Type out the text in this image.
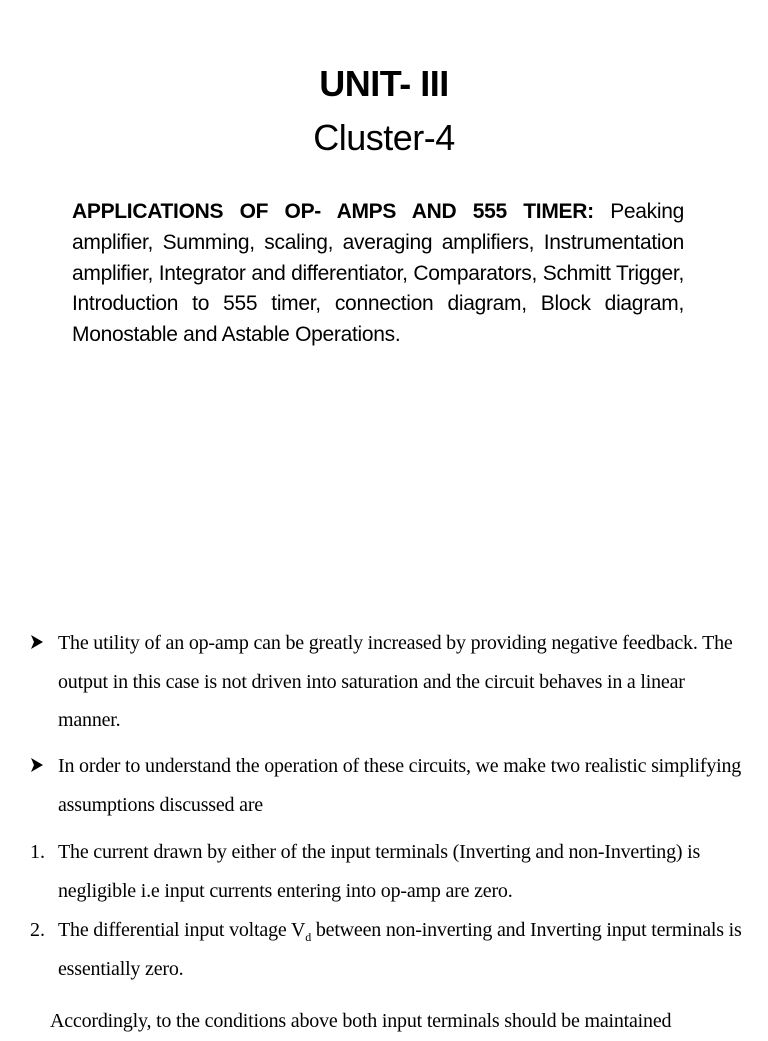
UNIT- III
Cluster-4
APPLICATIONS OF OP- AMPS AND 555 TIMER: Peaking amplifier, Summing, scaling, averaging amplifiers, Instrumentation amplifier, Integrator and differentiator, Comparators, Schmitt Trigger, Introduction to 555 timer, connection diagram, Block diagram, Monostable and Astable Operations.
The utility of an op-amp can be greatly increased by providing negative feedback. The output in this case is not driven into saturation and the circuit behaves in a linear manner.
In order to understand the operation of these circuits, we make two realistic simplifying assumptions discussed are
1. The current drawn by either of the input terminals (Inverting and non-Inverting) is negligible i.e input currents entering into op-amp are zero.
2. The differential input voltage $V_d$ between non-inverting and Inverting input terminals is essentially zero.
Accordingly, to the conditions above both input terminals should be maintained
